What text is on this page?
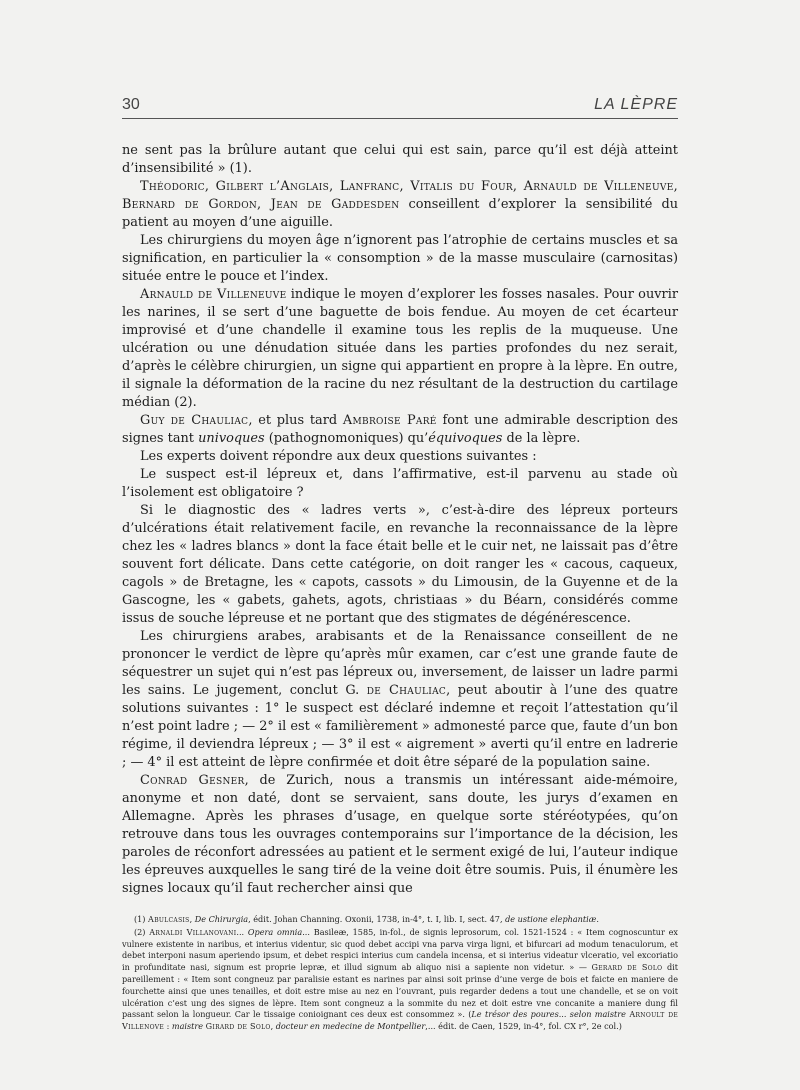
30	LA LÈPRE

ne sent pas la brûlure autant que celui qui est sain, parce qu’il est déjà atteint d’insensibilité » (1).

Théodoric, Gilbert l’Anglais, Lanfranc, Vitalis du Four, Arnauld de Villeneuve, Bernard de Gordon, Jean de Gaddesden conseillent d’explorer la sensibilité du patient au moyen d’une aiguille.

Les chirurgiens du moyen âge n’ignorent pas l’atrophie de certains muscles et sa signification, en particulier la « consomption » de la masse musculaire (carnositas) située entre le pouce et l’index.

Arnauld de Villeneuve indique le moyen d’explorer les fosses nasales. Pour ouvrir les narines, il se sert d’une baguette de bois fendue. Au moyen de cet écarteur improvisé et d’une chandelle il examine tous les replis de la muqueuse. Une ulcération ou une dénudation située dans les parties profondes du nez serait, d’après le célèbre chirurgien, un signe qui appartient en propre à la lèpre. En outre, il signale la déformation de la racine du nez résultant de la destruction du cartilage médian (2).

Guy de Chauliac, et plus tard Ambroise Paré font une admirable description des signes tant univoques (pathognomoniques) qu’équivoques de la lèpre.

Les experts doivent répondre aux deux questions suivantes :

Le suspect est-il lépreux et, dans l’affirmative, est-il parvenu au stade où l’isolement est obligatoire ?

Si le diagnostic des « ladres verts », c’est-à-dire des lépreux porteurs d’ulcérations était relativement facile, en revanche la reconnaissance de la lèpre chez les « ladres blancs » dont la face était belle et le cuir net, ne laissait pas d’être souvent fort délicate. Dans cette catégorie, on doit ranger les « cacous, caqueux, cagols » de Bretagne, les « capots, cassots » du Limousin, de la Guyenne et de la Gascogne, les « gabets, gahets, agots, christiaas » du Béarn, considérés comme issus de souche lépreuse et ne portant que des stigmates de dégénérescence.

Les chirurgiens arabes, arabisants et de la Renaissance conseillent de ne prononcer le verdict de lèpre qu’après mûr examen, car c’est une grande faute de séquestrer un sujet qui n’est pas lépreux ou, inversement, de laisser un ladre parmi les sains. Le jugement, conclut G. de Chauliac, peut aboutir à l’une des quatre solutions suivantes : 1° le suspect est déclaré indemne et reçoit l’attestation qu’il n’est point ladre ; — 2° il est « familièrement » admonesté parce que, faute d’un bon régime, il deviendra lépreux ; — 3° il est « aigrement » averti qu’il entre en ladrerie ; — 4° il est atteint de lèpre confirmée et doit être séparé de la population saine.

Conrad Gesner, de Zurich, nous a transmis un intéressant aide-mémoire, anonyme et non daté, dont se servaient, sans doute, les jurys d’examen en Allemagne. Après les phrases d’usage, en quelque sorte stéréotypées, qu’on retrouve dans tous les ouvrages contemporains sur l’importance de la décision, les paroles de réconfort adressées au patient et le serment exigé de lui, l’auteur indique les épreuves auxquelles le sang tiré de la veine doit être soumis. Puis, il énumère les signes locaux qu’il faut rechercher ainsi que

(1) Abulcasis, De Chirurgia, édit. Johan Channing. Oxonii, 1738, in-4°, t. I, lib. I, sect. 47, de ustione elephantiæ.

(2) Arnaldi Villanovani... Opera omnia... Basileæ, 1585, in-fol., de signis leprosorum, col. 1521-1524 : « Item cognoscuntur ex vulnere existente in naribus, et interius videntur, sic quod debet accipi vna parva virga ligni, et bifurcari ad modum tenaculorum, et debet interponi nasum aperiendo ipsum, et debet respici interius cum candela incensa, et si interius videatur vlceratio, vel excoriatio in profunditate nasi, signum est proprie lepræ, et illud signum ab aliquo nisi a sapiente non videtur. » — Gerard de Solo dit pareillement : « Item sont congneuz par paralisie estant es narines par ainsi soit prinse d’une verge de bois et faicte en maniere de fourchette ainsi que unes tenailles, et doit estre mise au nez en l’ouvrant, puis regarder dedens a tout une chandelle, et se on voit ulcération c’est ung des signes de lèpre. Item sont congneuz a la sommite du nez et doit estre vne concanite a maniere dung fil passant selon la longueur. Car le tissaige conioignant ces deux est consommez ». (Le trésor des poures... selon maistre Arnoult de Villenove : maistre Girard de Solo, docteur en medecine de Montpellier,... édit. de Caen, 1529, in-4°, fol. CX r°, 2e col.)
